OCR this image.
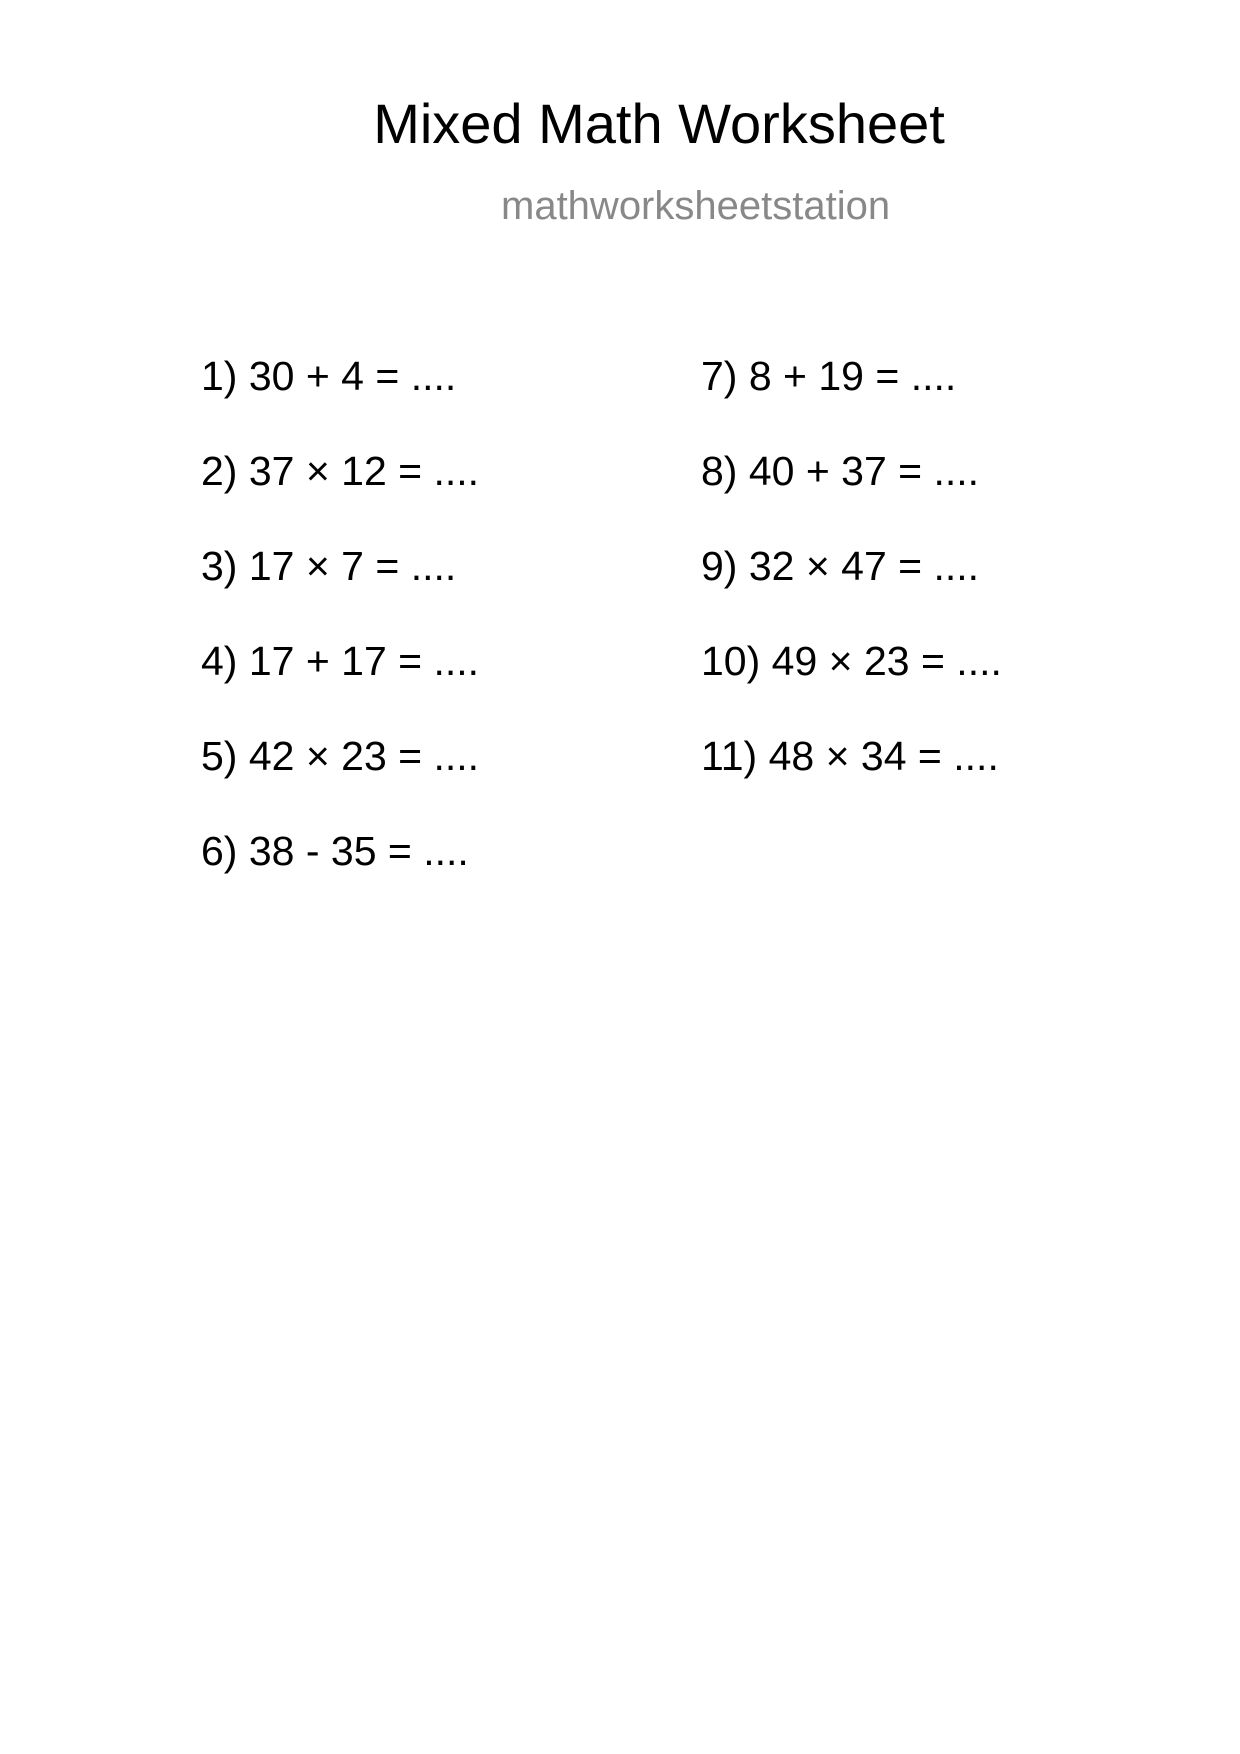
Mixed Math Worksheet
mathworksheetstation
1) 30 + 4 = ....
2) 37 × 12 = ....
3) 17 × 7 = ....
4) 17 + 17 = ....
5) 42 × 23 = ....
6) 38 - 35 = ....
7) 8 + 19 = ....
8) 40 + 37 = ....
9) 32 × 47 = ....
10) 49 × 23 = ....
11) 48 × 34 = ....
